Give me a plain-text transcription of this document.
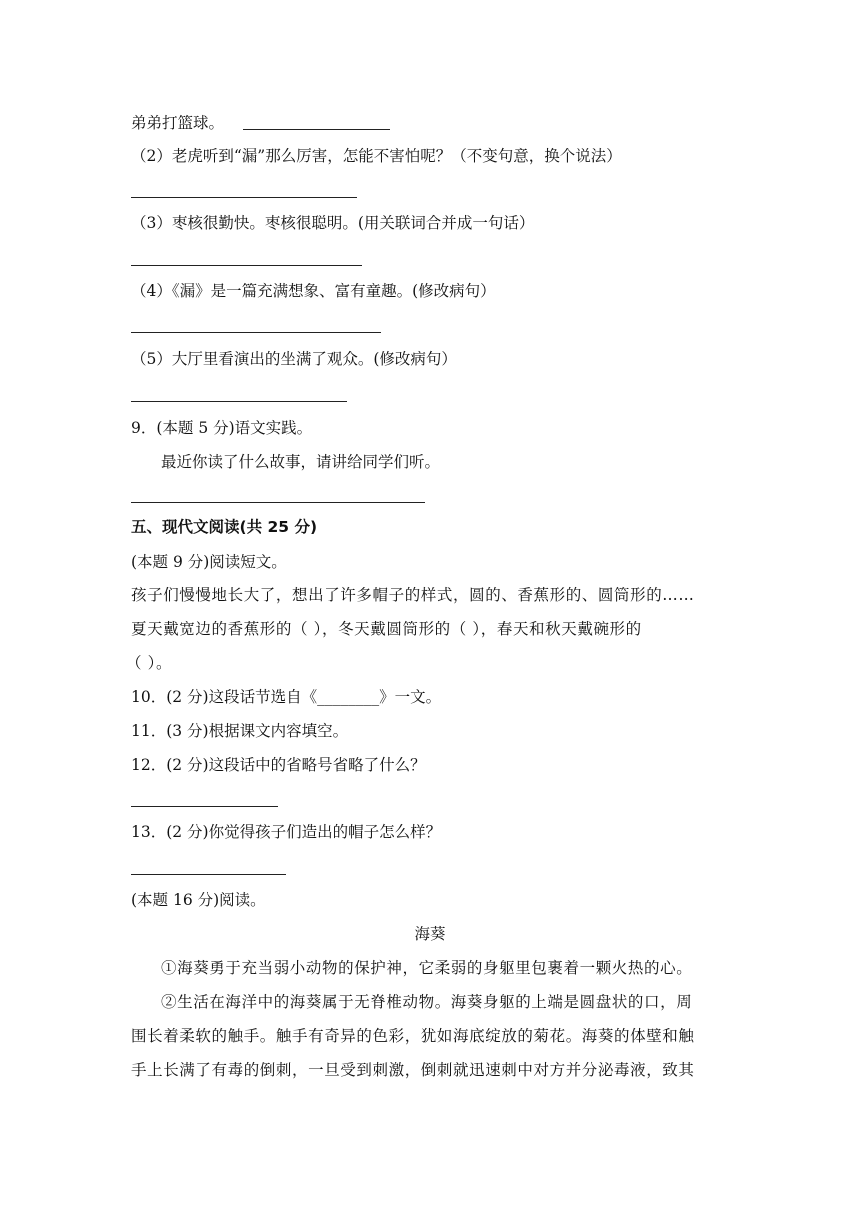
弟弟打篮球。
（2）老虎听到“漏”那么厉害，怎能不害怕呢？（不变句意，换个说法）
（3）枣核很勤快。枣核很聪明。(用关联词合并成一句话）
（4）《漏》是一篇充满想象、富有童趣。(修改病句）
（5）大厅里看演出的坐满了观众。(修改病句）
9．(本题 5 分)语文实践。
最近你读了什么故事，请讲给同学们听。
五、现代文阅读(共 25 分)
(本题 9 分)阅读短文。
孩子们慢慢地长大了，想出了许多帽子的样式，圆的、香蕉形的、圆筒形的……
夏天戴宽边的香蕉形的（ ），冬天戴圆筒形的（ ），春天和秋天戴碗形的
（ ）。
10．(2 分)这段话节选自《________》一文。
11．(3 分)根据课文内容填空。
12．(2 分)这段话中的省略号省略了什么？
13．(2 分)你觉得孩子们造出的帽子怎么样？
(本题 16 分)阅读。
海葵
①海葵勇于充当弱小动物的保护神，它柔弱的身躯里包裹着一颗火热的心。
②生活在海洋中的海葵属于无脊椎动物。海葵身躯的上端是圆盘状的口，周
围长着柔软的触手。触手有奇异的色彩，犹如海底绽放的菊花。海葵的体壁和触
手上长满了有毒的倒刺，一旦受到刺激，倒刺就迅速刺中对方并分泌毒液，致其
